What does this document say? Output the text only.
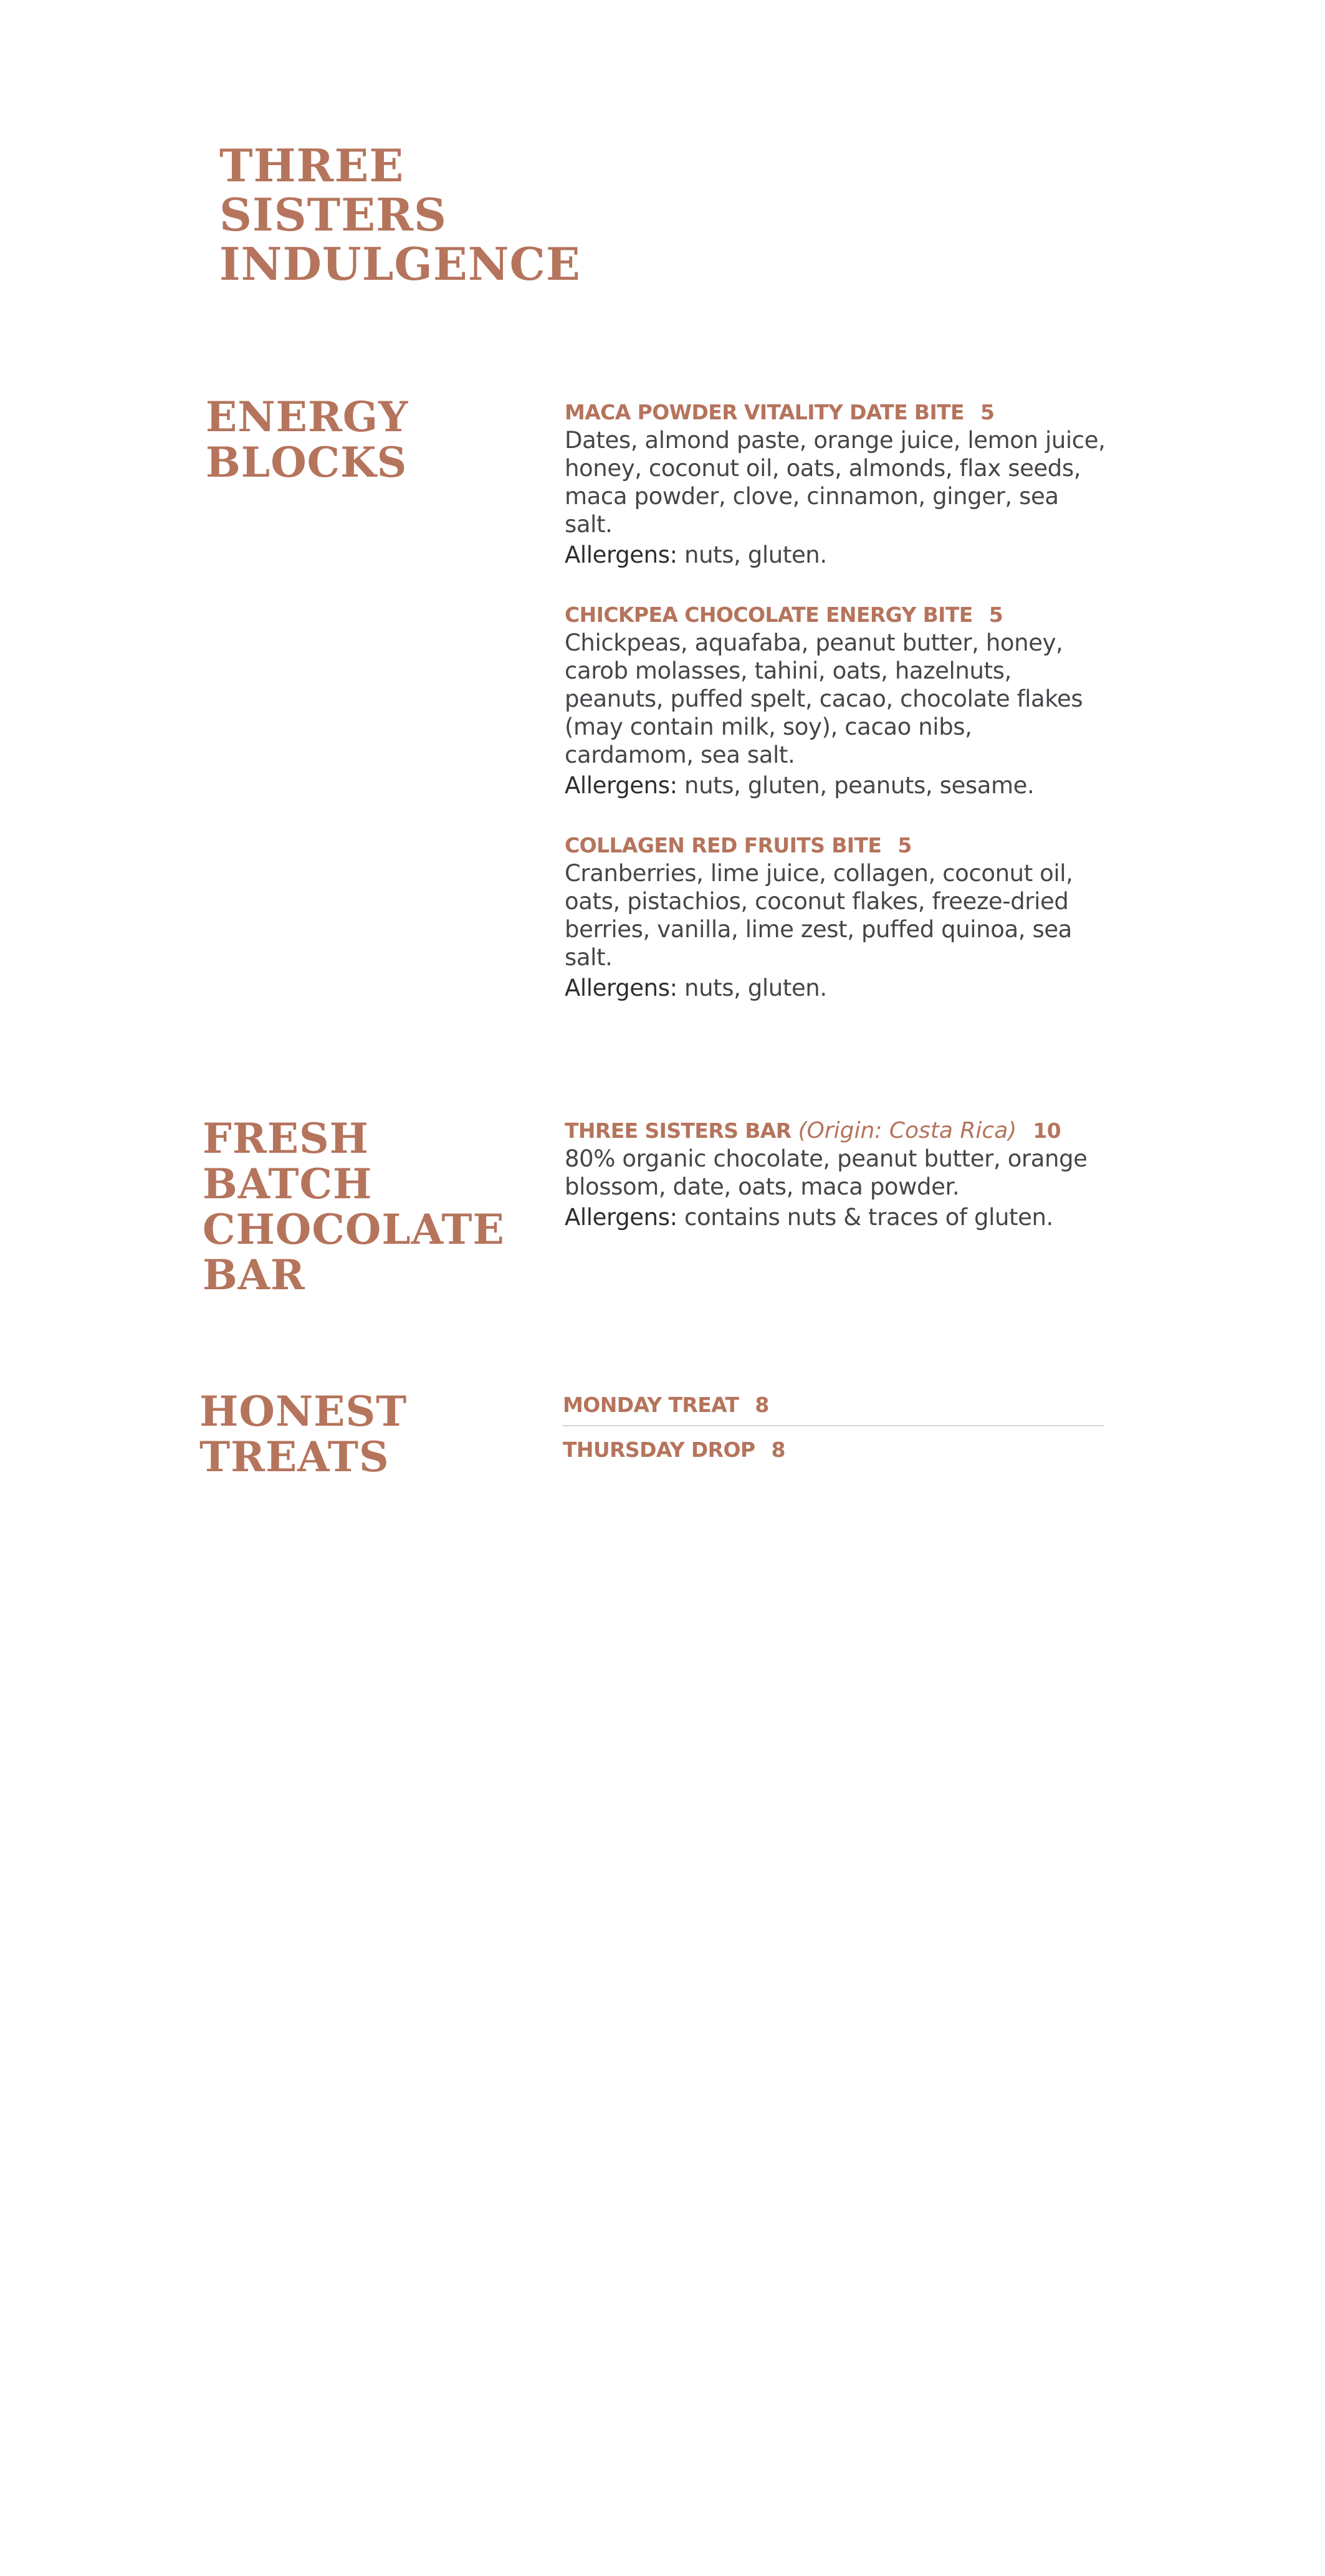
THREE
SISTERS
INDULGENCE
ENERGY
BLOCKS
MACA POWDER VITALITY DATE BITE 5
Dates, almond paste, orange juice, lemon juice, honey, coconut oil, oats, almonds, flax seeds, maca powder, clove, cinnamon, ginger, sea salt.
Allergens: nuts, gluten.
CHICKPEA CHOCOLATE ENERGY BITE 5
Chickpeas, aquafaba, peanut butter, honey, carob molasses, tahini, oats, hazelnuts, peanuts, puffed spelt, cacao, chocolate flakes (may contain milk, soy), cacao nibs, cardamom, sea salt.
Allergens: nuts, gluten, peanuts, sesame.
COLLAGEN RED FRUITS BITE 5
Cranberries, lime juice, collagen, coconut oil, oats, pistachios, coconut flakes, freeze-dried berries, vanilla, lime zest, puffed quinoa, sea salt.
Allergens: nuts, gluten.
FRESH
BATCH
CHOCOLATE
BAR
THREE SISTERS BAR (Origin: Costa Rica) 10
80% organic chocolate, peanut butter, orange blossom, date, oats, maca powder.
Allergens: contains nuts & traces of gluten.
HONEST
TREATS
MONDAY TREAT 8
THURSDAY DROP 8
